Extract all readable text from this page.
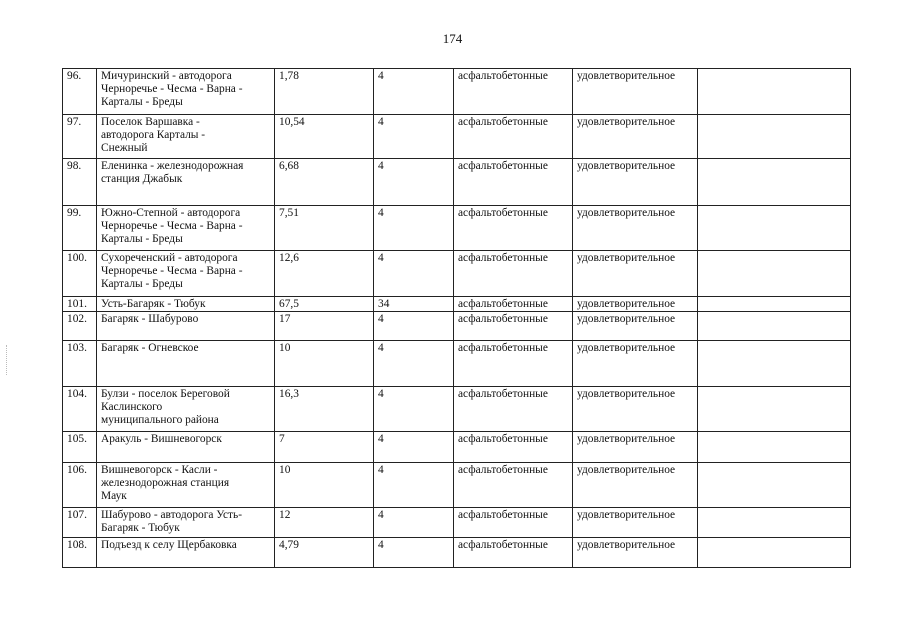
174
96.	Мичуринский - автодорога
Черноречье - Чесма - Варна -
Карталы - Бреды	1,78	4	асфальтобетонные	удовлетворительное	
97.	Поселок Варшавка -
автодорога Карталы -
Снежный	10,54	4	асфальтобетонные	удовлетворительное	
98.	Еленинка - железнодорожная
станция Джабык	6,68	4	асфальтобетонные	удовлетворительное	
99.	Южно-Степной - автодорога
Черноречье - Чесма - Варна -
Карталы - Бреды	7,51	4	асфальтобетонные	удовлетворительное	
100.	Сухореченский - автодорога
Черноречье - Чесма - Варна -
Карталы - Бреды	12,6	4	асфальтобетонные	удовлетворительное	
101.	Усть-Багаряк - Тюбук	67,5	34	асфальтобетонные	удовлетворительное	
102.	Багаряк - Шабурово	17	4	асфальтобетонные	удовлетворительное	
103.	Багаряк - Огневское	10	4	асфальтобетонные	удовлетворительное	
104.	Булзи - поселок Береговой
Каслинского
муниципального района	16,3	4	асфальтобетонные	удовлетворительное	
105.	Аракуль - Вишневогорск	7	4	асфальтобетонные	удовлетворительное	
106.	Вишневогорск - Касли -
железнодорожная станция
Маук	10	4	асфальтобетонные	удовлетворительное	
107.	Шабурово - автодорога Усть-
Багаряк - Тюбук	12	4	асфальтобетонные	удовлетворительное	
108.	Подъезд к селу Щербаковка	4,79	4	асфальтобетонные	удовлетворительное	
